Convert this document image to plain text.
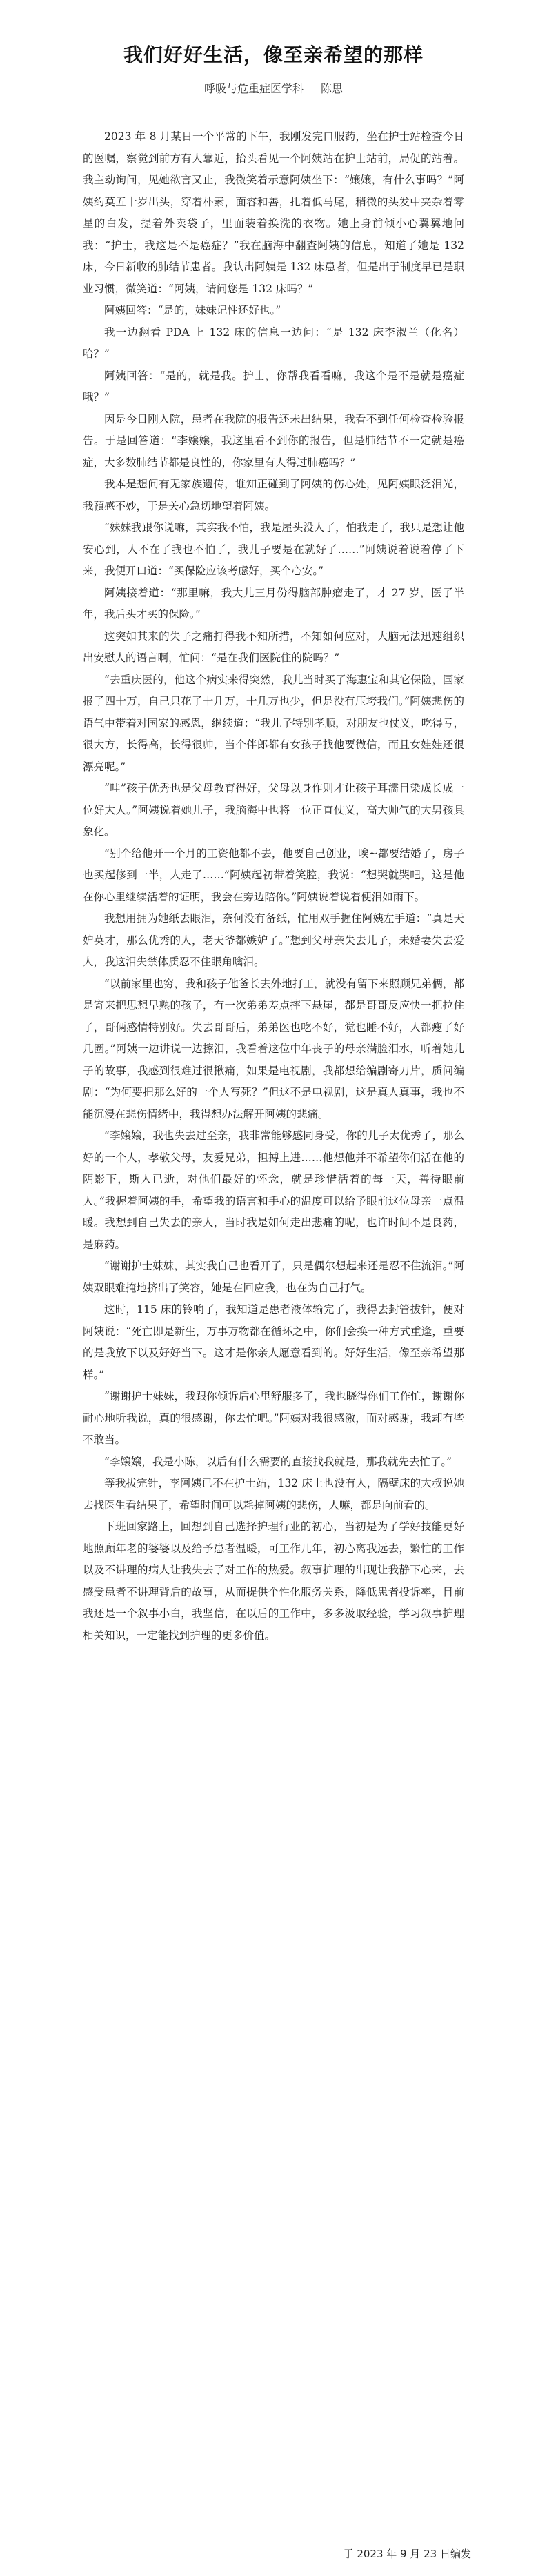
我们好好生活，像至亲希望的那样
呼吸与危重症医学科 陈思

2023 年 8 月某日一个平常的下午，我刚发完口服药，坐在护士站检查今日的医嘱，察觉到前方有人靠近，抬头看见一个阿姨站在护士站前，局促的站着。我主动询问，见她欲言又止，我微笑着示意阿姨坐下：“嬢嬢，有什么事吗？”阿姨约莫五十岁出头，穿着朴素，面容和善，扎着低马尾，稍微的头发中夹杂着零星的白发，提着外卖袋子，里面装着换洗的衣物。她上身前倾小心翼翼地问我：“护士，我这是不是癌症？”我在脑海中翻查阿姨的信息，知道了她是 132 床，今日新收的肺结节患者。我认出阿姨是 132 床患者，但是出于制度早已是职业习惯，微笑道：“阿姨，请问您是 132 床吗？”

阿姨回答：“是的，妹妹记性还好也。”

我一边翻看 PDA 上 132 床的信息一边问：“是 132 床李淑兰（化名）哈？”

阿姨回答：“是的，就是我。护士，你帮我看看嘛，我这个是不是就是癌症哦？”

因是今日刚入院，患者在我院的报告还未出结果，我看不到任何检查检验报告。于是回答道：“李嬢嬢，我这里看不到你的报告，但是肺结节不一定就是癌症，大多数肺结节都是良性的，你家里有人得过肺癌吗？”

我本是想问有无家族遗传，谁知正碰到了阿姨的伤心处，见阿姨眼泛泪光，我預感不妙，于是关心急切地望着阿姨。

“妹妹我跟你说嘛，其实我不怕，我是屋头没人了，怕我走了，我只是想让他安心到，人不在了我也不怕了，我儿子要是在就好了……”阿姨说着说着停了下来，我便开口道：“买保险应该考虑好，买个心安。”

阿姨接着道：“那里嘛，我大儿三月份得脑部肿瘤走了，才 27 岁，医了半年，我后头才买的保险。”

这突如其来的失子之痛打得我不知所措，不知如何应对，大脑无法迅速组织出安慰人的语言啊，忙问：“是在我们医院住的院吗？”

“去重庆医的，他这个病实来得突然，我儿当时买了海惠宝和其它保险，国家报了四十万，自己只花了十几万，十几万也少，但是没有压垮我们。”阿姨悲伤的语气中带着对国家的感恩，继续道：“我儿子特别孝顺，对朋友也仗义，吃得亏，很大方，长得高，长得很帅，当个伴郎都有女孩子找他要微信，而且女娃娃还很漂亮呢。”

“哇”孩子优秀也是父母教育得好，父母以身作则才让孩子耳濡目染成长成一位好大人。”阿姨说着她儿子，我脑海中也将一位正直仗义，高大帅气的大男孩具象化。

“别个给他开一个月的工资他都不去，他要自己创业，唉~都要结婚了，房子也买起修到一半，人走了……”阿姨起初带着笑腔，我说：“想哭就哭吧，这是他在你心里继续活着的证明，我会在旁边陪你。”阿姨说着说着便泪如雨下。

我想用拥为她纸去眼泪，奈何没有备纸，忙用双手握住阿姨左手道：“真是天妒英才，那么优秀的人，老天爷都嫉妒了。”想到父母亲失去儿子，未婚妻失去爱人，我这泪失禁体质忍不住眼角噙泪。

“以前家里也穷，我和孩子他爸长去外地打工，就没有留下来照顾兄弟俩，都是寄来把思想早熟的孩子，有一次弟弟差点摔下悬崖，都是哥哥反应快一把拉住了，哥俩感情特别好。失去哥哥后，弟弟医也吃不好，觉也睡不好，人都瘦了好几圈。”阿姨一边讲说一边擦泪，我看着这位中年丧子的母亲满脸泪水，听着她儿子的故事，我感到很难过很揪痛，如果是电视剧，我都想给编剧寄刀片，质问编剧：“为何要把那么好的一个人写死？”但这不是电视剧，这是真人真事，我也不能沉浸在悲伤情绪中，我得想办法解开阿姨的悲痛。

“李嬢嬢，我也失去过至亲，我非常能够感同身受，你的儿子太优秀了，那么好的一个人，孝敬父母，友爱兄弟，担搏上进……他想他并不希望你们活在他的阴影下，斯人已逝，对他们最好的怀念，就是珍惜活着的每一天，善待眼前人。”我握着阿姨的手，希望我的语言和手心的温度可以给予眼前这位母亲一点温暖。我想到自己失去的亲人，当时我是如何走出悲痛的呢，也许时间不是良药，是麻药。

“谢谢护士妹妹，其实我自己也看开了，只是偶尔想起来还是忍不住流泪。”阿姨双眼难掩地挤出了笑容，她是在回应我，也在为自己打气。

这时，115 床的铃响了，我知道是患者液体输完了，我得去封管拔针，便对阿姨说：“死亡即是新生，万事万物都在循环之中，你们会换一种方式重逢，重要的是我放下以及好好当下。这才是你亲人愿意看到的。好好生活，像至亲希望那样。”

“谢谢护士妹妹，我跟你倾诉后心里舒服多了，我也晓得你们工作忙，谢谢你耐心地听我说，真的很感谢，你去忙吧。”阿姨对我很感激，面对感谢，我却有些不敢当。

“李嬢嬢，我是小陈，以后有什么需要的直接找我就是，那我就先去忙了。”

等我拔完针，李阿姨已不在护士站，132 床上也没有人，隔壁床的大叔说她去找医生看结果了，希望时间可以耗掉阿姨的悲伤，人嘛，都是向前看的。

下班回家路上，回想到自己选择护理行业的初心，当初是为了学好技能更好地照顾年老的婆婆以及给予患者温暖，可工作几年，初心离我远去，繁忙的工作以及不讲理的病人让我失去了对工作的热爱。叙事护理的出现让我静下心来，去感受患者不讲理背后的故事，从而提供个性化服务关系，降低患者投诉率，目前我还是一个叙事小白，我坚信，在以后的工作中，多多汲取经验，学习叙事护理相关知识，一定能找到护理的更多价值。

于 2023 年 9 月 23 日编发
